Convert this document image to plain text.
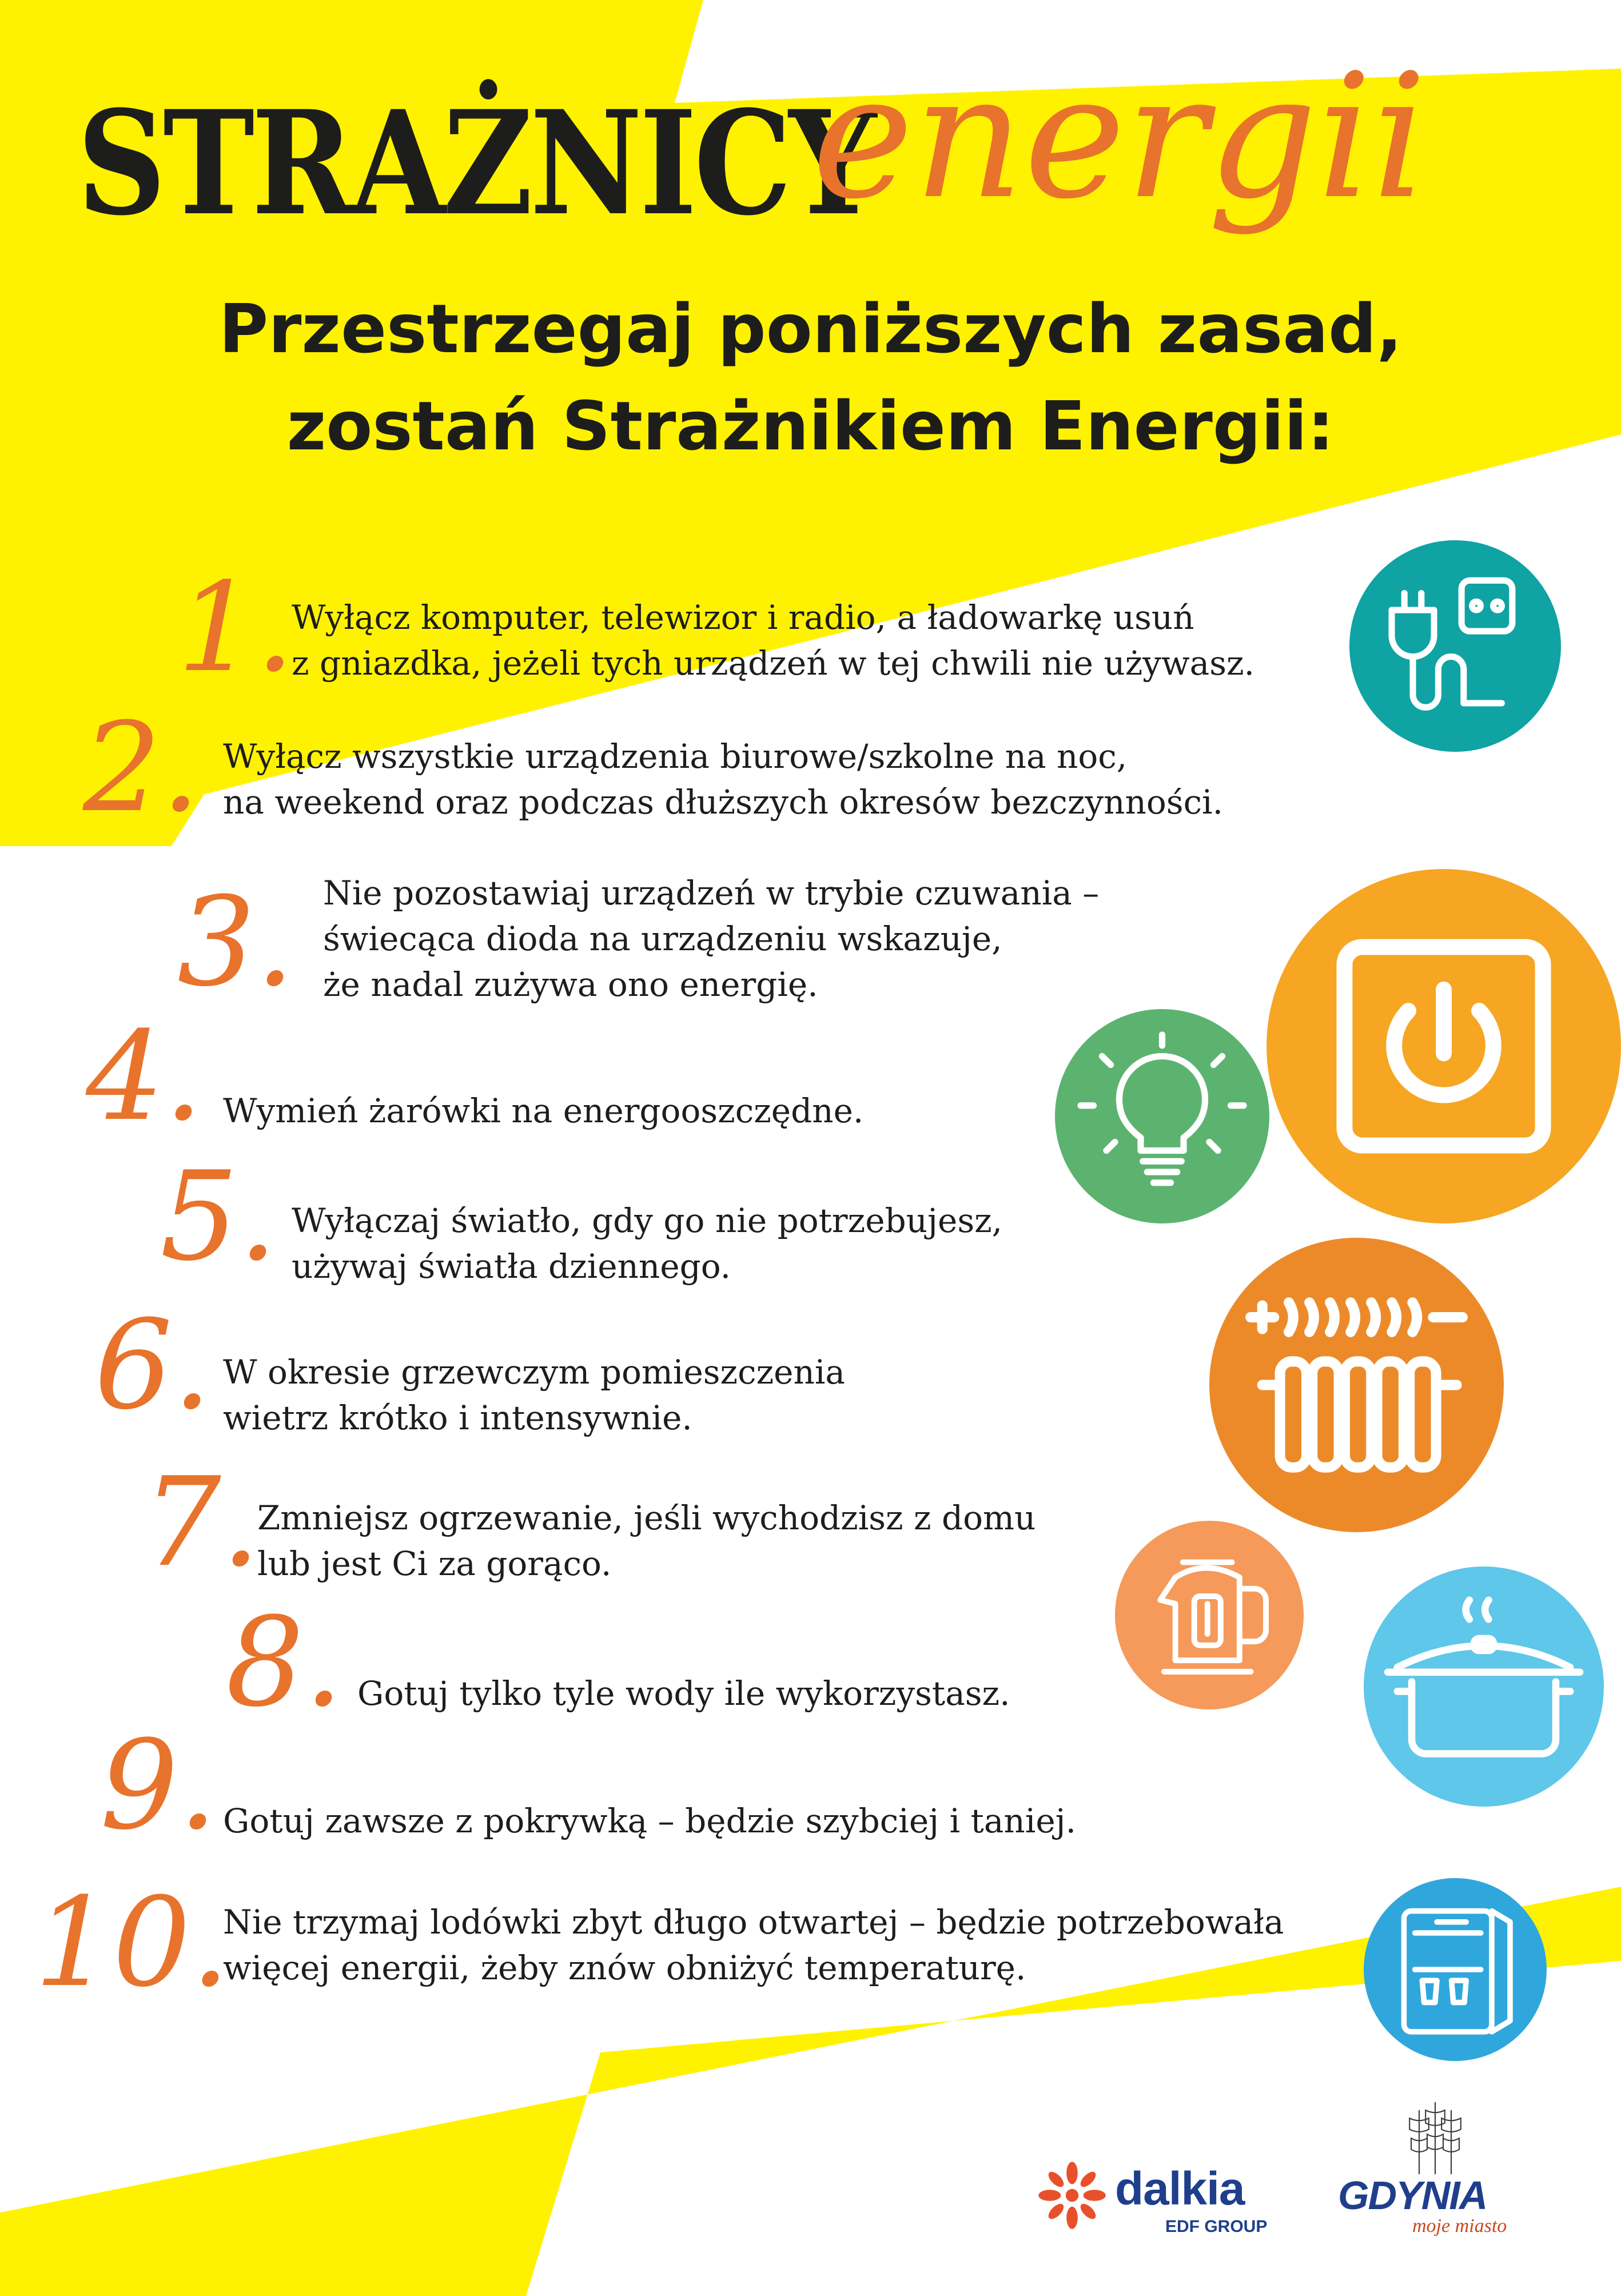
STRAŻNICY
energii
Przestrzegaj poniższych zasad,
zostań Strażnikiem Energii:
1.
Wyłącz komputer, telewizor i radio, a ładowarkę usuń
z gniazdka, jeżeli tych urządzeń w tej chwili nie używasz.
2. Wyłącz wszystkie urządzenia biurowe/szkolne na noc,
na weekend oraz podczas dłuższych okresów bezczynności.
3. Nie pozostawiaj urządzeń w trybie czuwania –
świecąca dioda na urządzeniu wskazuje,
że nadal zużywa ono energię.
4. Wymień żarówki na energooszczędne.
5. Wyłączaj światło, gdy go nie potrzebujesz,
używaj światła dziennego.
6. W okresie grzewczym pomieszczenia
wietrz krótko i intensywnie.
7.
Zmniejsz ogrzewanie, jeśli wychodzisz z domu
lub jest Ci za gorąco.
8. Gotuj tylko tyle wody ile wykorzystasz.
9. Gotuj zawsze z pokrywką – będzie szybciej i taniej.
10.
Nie trzymaj lodówki zbyt długo otwartej – będzie potrzebowała
więcej energii, żeby znów obniżyć temperaturę.
dalkia
EDF GROUP
GDYNIA
moje miasto
